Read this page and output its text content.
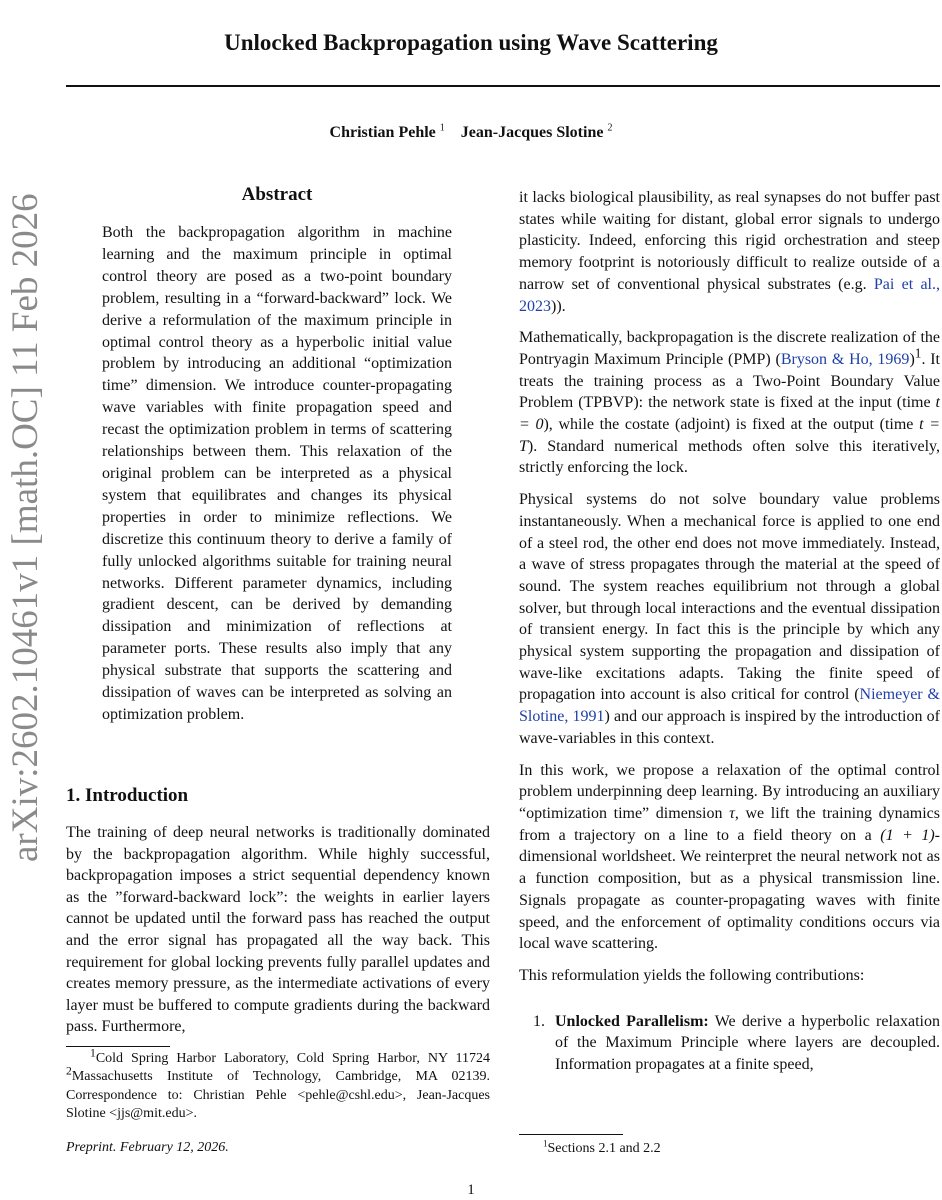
Unlocked Backpropagation using Wave Scattering
Christian Pehle $^1$ Jean-Jacques Slotine $^2$
arXiv:2602.10461v1 [math.OC] 11 Feb 2026	Abstract
Both the backpropagation algorithm in machine learning and the maximum principle in optimal control theory are posed as a two-point boundary problem, resulting in a “forward-backward” lock. We derive a reformulation of the maximum principle in optimal control theory as a hyperbolic initial value problem by introducing an additional “optimization time” dimension. We introduce counter-propagating wave variables with finite propagation speed and recast the optimization problem in terms of scattering relationships between them. This relaxation of the original problem can be interpreted as a physical system that equilibrates and changes its physical properties in order to minimize reflections. We discretize this continuum theory to derive a family of fully unlocked algorithms suitable for training neural networks. Different parameter dynamics, including gradient descent, can be derived by demanding dissipation and minimization of reflections at parameter ports. These results also imply that any physical substrate that supports the scattering and dissipation of waves can be interpreted as solving an optimization problem.
1. Introduction
The training of deep neural networks is traditionally dominated by the backpropagation algorithm. While highly successful, backpropagation imposes a strict sequential dependency known as the ”forward-backward lock”: the weights in earlier layers cannot be updated until the forward pass has reached the output and the error signal has propagated all the way back. This requirement for global locking prevents fully parallel updates and creates memory pressure, as the intermediate activations of every layer must be buffered to compute gradients during the backward pass. Furthermore,
$^1$Cold Spring Harbor Laboratory, Cold Spring Harbor, NY 11724 $^2$Massachusetts Institute of Technology, Cambridge, MA 02139. Correspondence to: Christian Pehle <pehle@cshl.edu>, Jean-Jacques Slotine <jjs@mit.edu>.
Preprint. February 12, 2026.

it lacks biological plausibility, as real synapses do not buffer past states while waiting for distant, global error signals to undergo plasticity. Indeed, enforcing this rigid orchestration and steep memory footprint is notoriously difficult to realize outside of a narrow set of conventional physical substrates (e.g. Pai et al., 2023)).

Mathematically, backpropagation is the discrete realization of the Pontryagin Maximum Principle (PMP) (Bryson & Ho, 1969)$^1$. It treats the training process as a Two-Point Boundary Value Problem (TPBVP): the network state is fixed at the input (time t = 0), while the costate (adjoint) is fixed at the output (time t = T). Standard numerical methods often solve this iteratively, strictly enforcing the lock.

Physical systems do not solve boundary value problems instantaneously. When a mechanical force is applied to one end of a steel rod, the other end does not move immediately. Instead, a wave of stress propagates through the material at the speed of sound. The system reaches equilibrium not through a global solver, but through local interactions and the eventual dissipation of transient energy. In fact this is the principle by which any physical system supporting the propagation and dissipation of wave-like excitations adapts. Taking the finite speed of propagation into account is also critical for control (Niemeyer & Slotine, 1991) and our approach is inspired by the introduction of wave-variables in this context.

In this work, we propose a relaxation of the optimal control problem underpinning deep learning. By introducing an auxiliary “optimization time” dimension τ, we lift the training dynamics from a trajectory on a line to a field theory on a (1 + 1)-dimensional worldsheet. We reinterpret the neural network not as a function composition, but as a physical transmission line. Signals propagate as counter-propagating waves with finite speed, and the enforcement of optimality conditions occurs via local wave scattering.

This reformulation yields the following contributions:

1. Unlocked Parallelism: We derive a hyperbolic relaxation of the Maximum Principle where layers are decoupled. Information propagates at a finite speed,
$^1$Sections 2.1 and 2.2
1
